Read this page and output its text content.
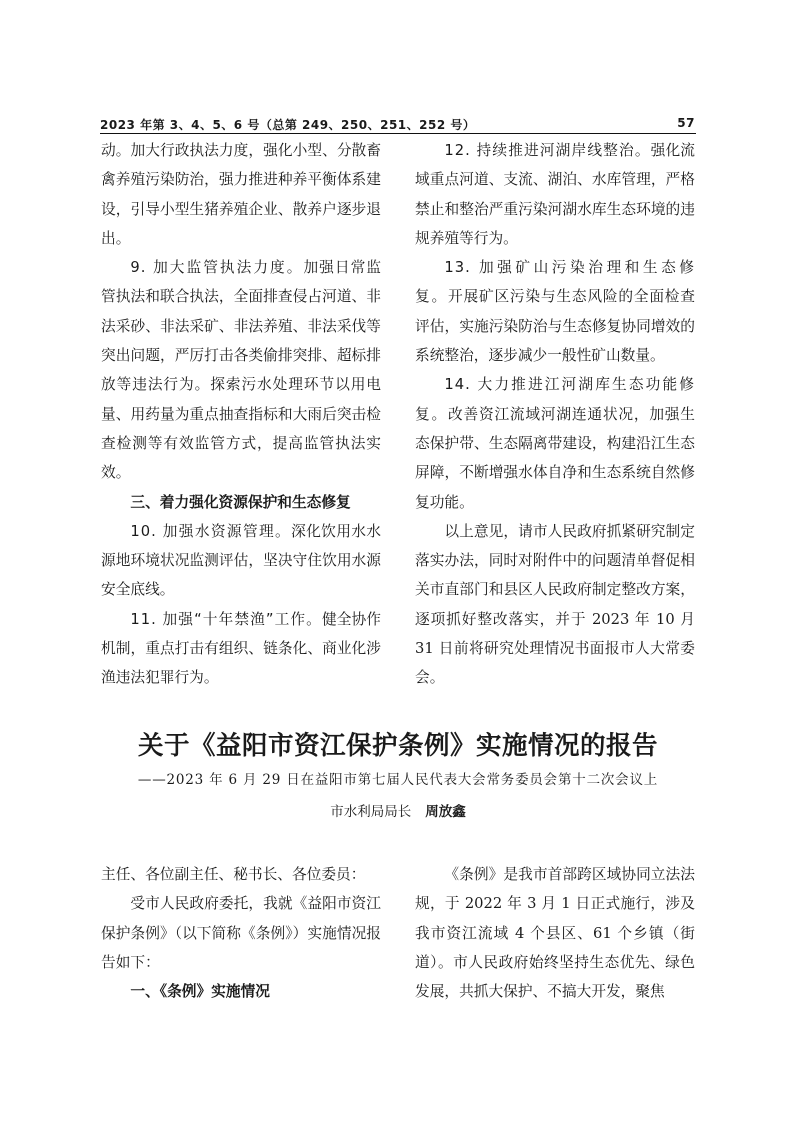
2023 年第 3、4、5、6 号（总第 249、250、251、252 号）	57

动。加大行政执法力度，强化小型、分散畜禽养殖污染防治，强力推进种养平衡体系建设，引导小型生猪养殖企业、散养户逐步退出。

9. 加大监管执法力度。加强日常监管执法和联合执法，全面排查侵占河道、非法采砂、非法采矿、非法养殖、非法采伐等突出问题，严厉打击各类偷排突排、超标排放等违法行为。探索污水处理环节以用电量、用药量为重点抽查指标和大雨后突击检查检测等有效监管方式，提高监管执法实效。

三、着力强化资源保护和生态修复

10. 加强水资源管理。深化饮用水水源地环境状况监测评估，坚决守住饮用水源安全底线。

11. 加强“十年禁渔”工作。健全协作机制，重点打击有组织、链条化、商业化涉渔违法犯罪行为。

12. 持续推进河湖岸线整治。强化流域重点河道、支流、湖泊、水库管理，严格禁止和整治严重污染河湖水库生态环境的违规养殖等行为。

13. 加强矿山污染治理和生态修复。开展矿区污染与生态风险的全面检查评估，实施污染防治与生态修复协同增效的系统整治，逐步减少一般性矿山数量。

14. 大力推进江河湖库生态功能修复。改善资江流域河湖连通状况，加强生态保护带、生态隔离带建设，构建沿江生态屏障，不断增强水体自净和生态系统自然修复功能。

以上意见，请市人民政府抓紧研究制定落实办法，同时对附件中的问题清单督促相关市直部门和县区人民政府制定整改方案，逐项抓好整改落实，并于 2023 年 10 月 31 日前将研究处理情况书面报市人大常委会。

关于《益阳市资江保护条例》实施情况的报告
——2023 年 6 月 29 日在益阳市第七届人民代表大会常务委员会第十二次会议上
市水利局局长 周放鑫

主任、各位副主任、秘书长、各位委员：

受市人民政府委托，我就《益阳市资江保护条例》（以下简称《条例》）实施情况报告如下：

一、《条例》实施情况

《条例》是我市首部跨区域协同立法法规，于 2022 年 3 月 1 日正式施行，涉及我市资江流域 4 个县区、61 个乡镇（街道）。市人民政府始终坚持生态优先、绿色发展，共抓大保护、不搞大开发，聚焦
